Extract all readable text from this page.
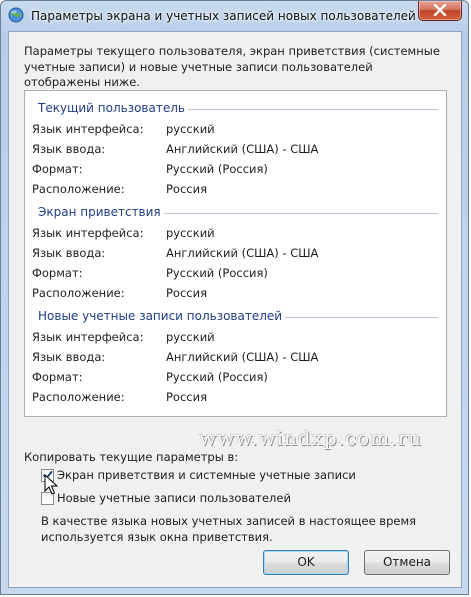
Параметры экрана и учетных записей новых пользователей
Параметры текущего пользователя, экран приветствия (системные учетные записи) и новые учетные записи пользователей отображены ниже.
Текущий пользователь
Язык интерфейса: русский
Язык ввода:	Английский (США) - США
Формат:	Русский (Россия)
Расположение:	Россия
Экран приветствия
Язык интерфейса: русский
Язык ввода:	Английский (США) - США
Формат:	Русский (Россия)
Расположение:	Россия
Новые учетные записи пользователей
Язык интерфейса: русский
Язык ввода:	Английский (США) - США
Формат:	Русский (Россия)
Расположение:	Россия
www.windxp.com.ru
Копировать текущие параметры в:
Экран приветствия и системные учетные записи
Новые учетные записи пользователей
В качестве языка новых учетных записей в настоящее время используется язык окна приветствия.
OK	Отмена
